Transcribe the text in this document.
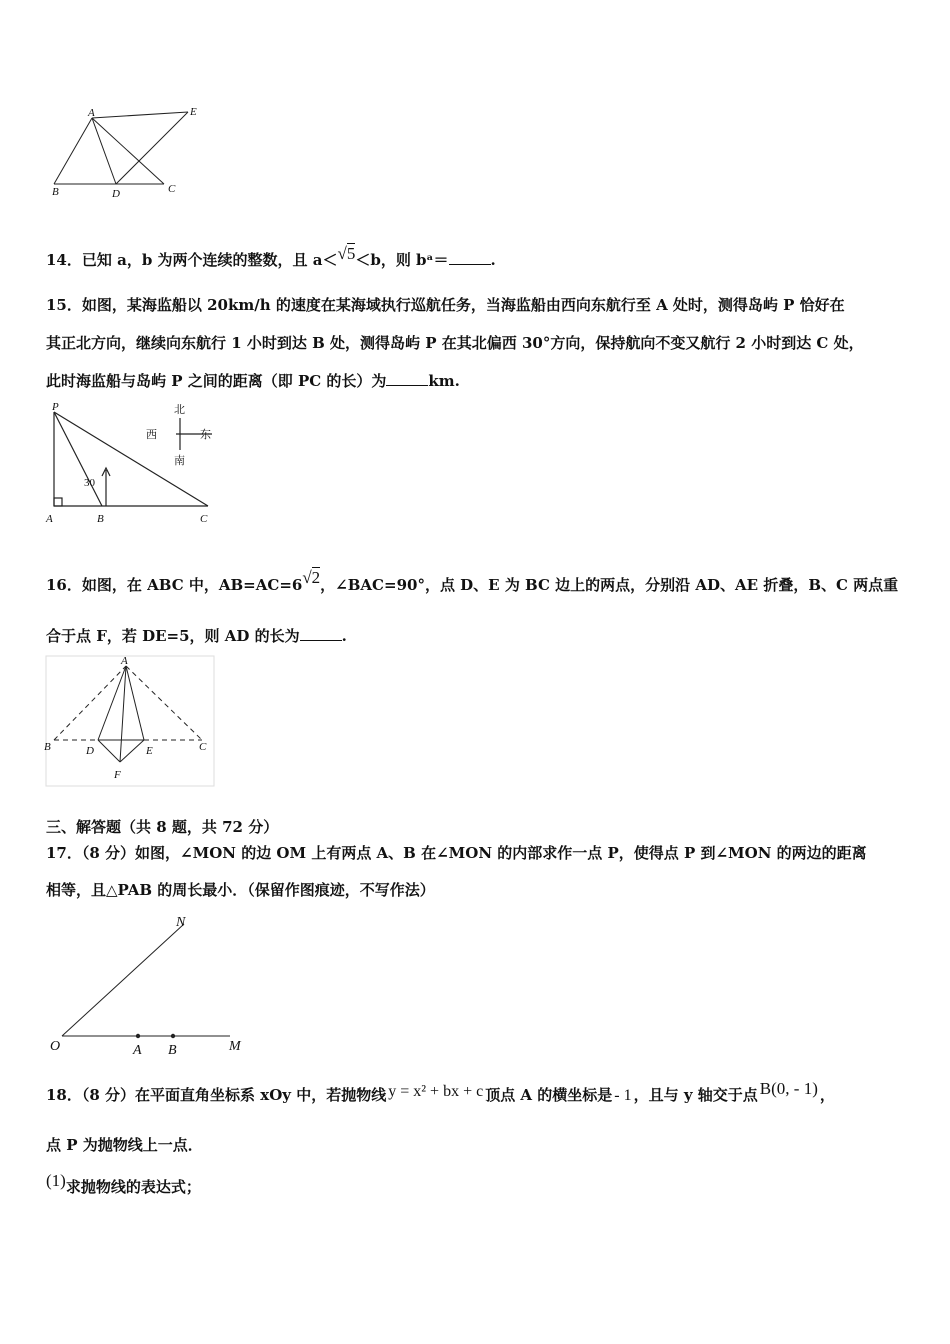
A	E
B	D	C
14．已知 a，b 为两个连续的整数，且 a＜√5＜b，则 bᵃ＝	.
15．如图，某海监船以 20km/h 的速度在某海域执行巡航任务，当海监船由西向东航行至 A 处时，测得岛屿 P 恰好在
其正北方向，继续向东航行 1 小时到达 B 处，测得岛屿 P 在其北偏西 30°方向，保持航向不变又航行 2 小时到达 C 处，
此时海监船与岛屿 P 之间的距离（即 PC 的长）为	km.
P
A	B	C
30
北
西	东
南
16．如图，在 ABC 中，AB=AC=6√2，∠BAC=90°，点 D、E 为 BC 边上的两点，分别沿 AD、AE 折叠，B、C 两点重
合于点 F，若 DE=5，则 AD 的长为	.
A
B	C
D	E
F
三、解答题（共 8 题，共 72 分）
17．（8 分）如图，∠MON 的边 OM 上有两点 A、B 在∠MON 的内部求作一点 P，使得点 P 到∠MON 的两边的距离
相等，且△PAB 的周长最小．（保留作图痕迹，不写作法）
N
O	A B	M
18．（8 分）在平面直角坐标系 xOy 中，若抛物线 y = x² + bx + c 顶点 A 的横坐标是 - 1 ，且与 y 轴交于点 B(0, - 1) ，
点 P 为抛物线上一点．
(1)求抛物线的表达式；
